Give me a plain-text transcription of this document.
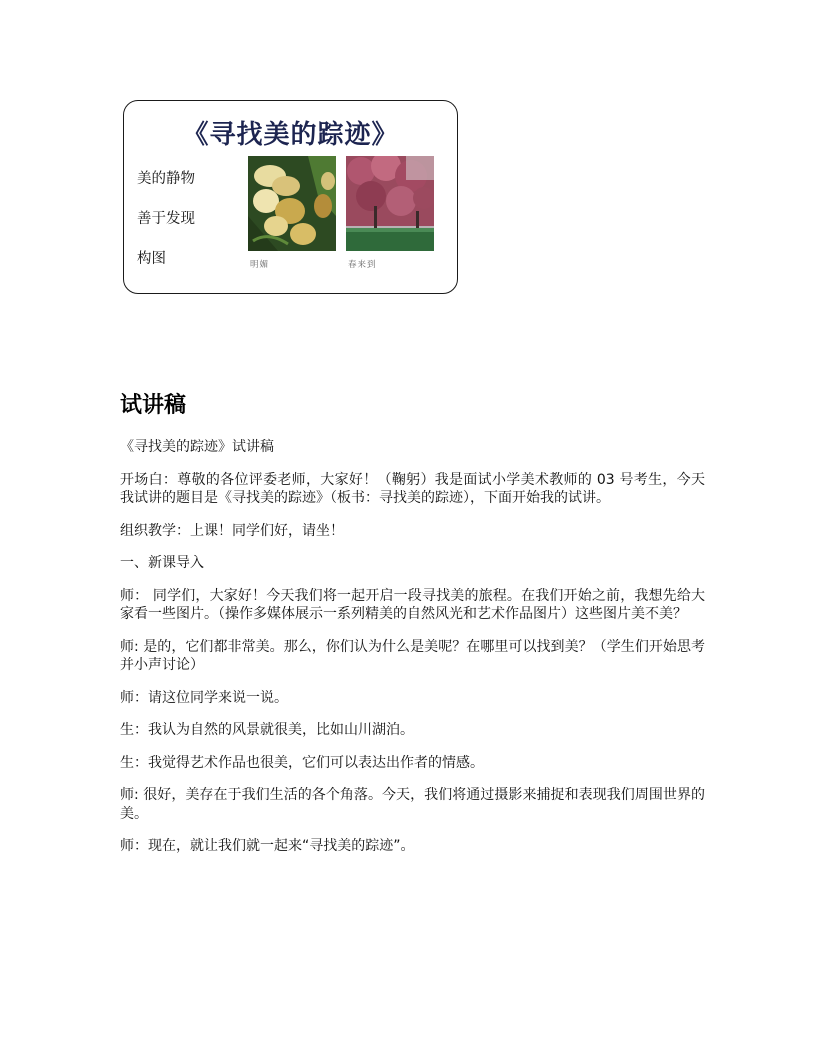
《寻找美的踪迹》
美的静物
善于发现
构图	明媚	春来到
试讲稿

《寻找美的踪迹》试讲稿

开场白：尊敬的各位评委老师，大家好！（鞠躬）我是面试小学美术教师的 03 号考生，今天我试讲的题目是《寻找美的踪迹》（板书：寻找美的踪迹），下面开始我的试讲。

组织教学：上课！同学们好，请坐！

一、新课导入

师： 同学们，大家好！今天我们将一起开启一段寻找美的旅程。在我们开始之前，我想先给大家看一些图片。（操作多媒体展示一系列精美的自然风光和艺术作品图片）这些图片美不美？

师: 是的，它们都非常美。那么，你们认为什么是美呢？在哪里可以找到美？（学生们开始思考并小声讨论）

师：请这位同学来说一说。

生：我认为自然的风景就很美，比如山川湖泊。

生：我觉得艺术作品也很美，它们可以表达出作者的情感。

师: 很好，美存在于我们生活的各个角落。今天，我们将通过摄影来捕捉和表现我们周围世界的美。

师：现在，就让我们就一起来“寻找美的踪迹”。
